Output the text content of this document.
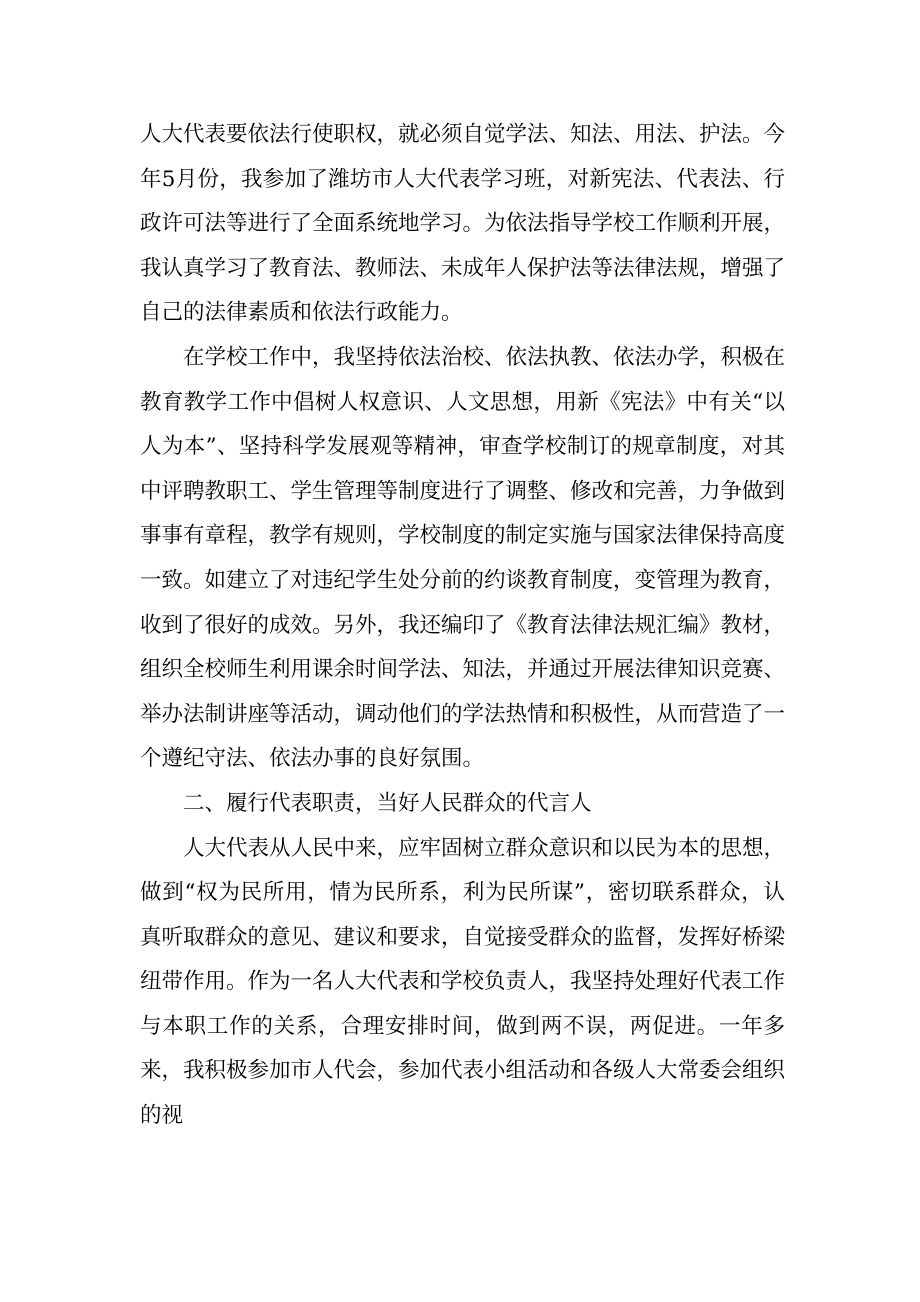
人大代表要依法行使职权，就必须自觉学法、知法、用法、护法。今年5月份，我参加了潍坊市人大代表学习班，对新宪法、代表法、行政许可法等进行了全面系统地学习。为依法指导学校工作顺利开展，我认真学习了教育法、教师法、未成年人保护法等法律法规，增强了自己的法律素质和依法行政能力。

在学校工作中，我坚持依法治校、依法执教、依法办学，积极在教育教学工作中倡树人权意识、人文思想，用新《宪法》中有关“以人为本”、坚持科学发展观等精神，审查学校制订的规章制度，对其中评聘教职工、学生管理等制度进行了调整、修改和完善，力争做到事事有章程，教学有规则，学校制度的制定实施与国家法律保持高度一致。如建立了对违纪学生处分前的约谈教育制度，变管理为教育，收到了很好的成效。另外，我还编印了《教育法律法规汇编》教材，组织全校师生利用课余时间学法、知法，并通过开展法律知识竞赛、举办法制讲座等活动，调动他们的学法热情和积极性，从而营造了一个遵纪守法、依法办事的良好氛围。

二、履行代表职责，当好人民群众的代言人

人大代表从人民中来，应牢固树立群众意识和以民为本的思想，做到“权为民所用，情为民所系，利为民所谋”，密切联系群众，认真听取群众的意见、建议和要求，自觉接受群众的监督，发挥好桥梁纽带作用。作为一名人大代表和学校负责人，我坚持处理好代表工作与本职工作的关系，合理安排时间，做到两不误，两促进。一年多来，我积极参加市人代会，参加代表小组活动和各级人大常委会组织的视
